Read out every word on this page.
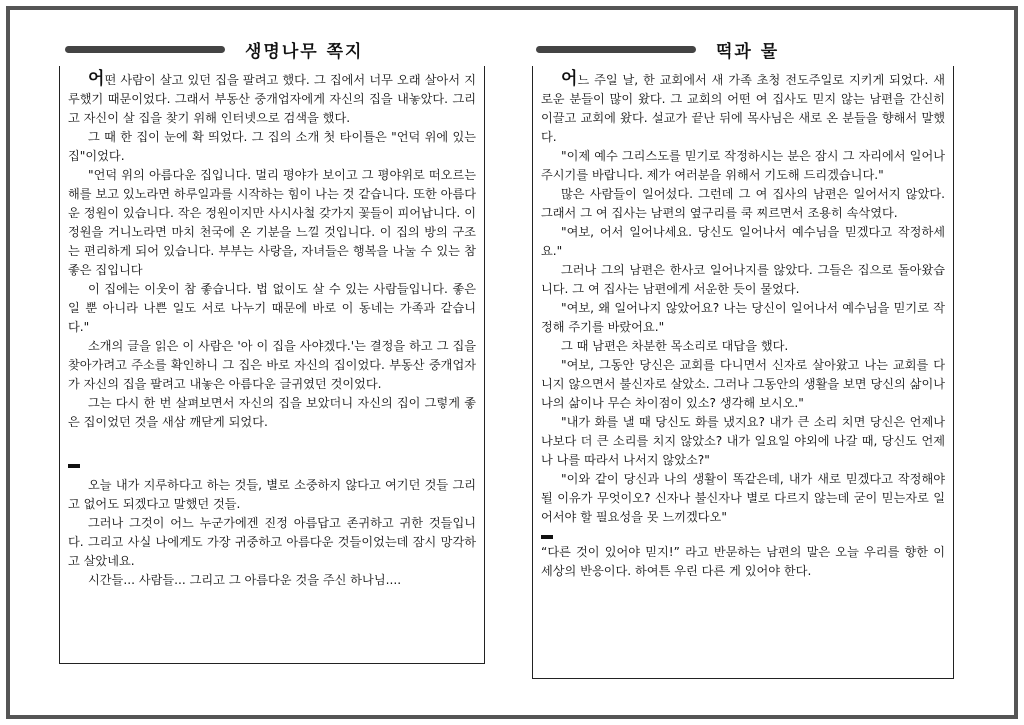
생명나무 쪽지

어떤 사람이 살고 있던 집을 팔려고 했다. 그 집에서 너무 오래 살아서 지루했기 때문이었다. 그래서 부동산 중개업자에게 자신의 집을 내놓았다. 그리고 자신이 살 집을 찾기 위해 인터넷으로 검색을 했다.

그 때 한 집이 눈에 확 띄었다. 그 집의 소개 첫 타이틀은 "언덕 위에 있는 집"이었다.

"언덕 위의 아름다운 집입니다. 멀리 평야가 보이고 그 평야위로 떠오르는 해를 보고 있노라면 하루일과를 시작하는 힘이 나는 것 같습니다. 또한 아름다운 정원이 있습니다. 작은 정원이지만 사시사철 갖가지 꽃들이 피어납니다. 이 정원을 거니노라면 마치 천국에 온 기분을 느낄 것입니다. 이 집의 방의 구조는 편리하게 되어 있습니다. 부부는 사랑을, 자녀들은 행복을 나눌 수 있는 참 좋은 집입니다

이 집에는 이웃이 참 좋습니다. 법 없이도 살 수 있는 사람들입니다. 좋은 일 뿐 아니라 나쁜 일도 서로 나누기 때문에 바로 이 동네는 가족과 같습니다."

소개의 글을 읽은 이 사람은 '아 이 집을 사야겠다.'는 결정을 하고 그 집을 찾아가려고 주소를 확인하니 그 집은 바로 자신의 집이었다. 부동산 중개업자가 자신의 집을 팔려고 내놓은 아름다운 글귀였던 것이었다.

그는 다시 한 번 살펴보면서 자신의 집을 보았더니 자신의 집이 그렇게 좋은 집이었던 것을 새삼 깨닫게 되었다.

오늘 내가 지루하다고 하는 것들, 별로 소중하지 않다고 여기던 것들 그리고 없어도 되겠다고 말했던 것들.

그러나 그것이 어느 누군가에겐 진정 아름답고 존귀하고 귀한 것들입니다. 그리고 사실 나에게도 가장 귀중하고 아름다운 것들이었는데 잠시 망각하고 살았네요.

시간들... 사람들... 그리고 그 아름다운 것을 주신 하나님....

떡과 물

어느 주일 날, 한 교회에서 새 가족 초청 전도주일로 지키게 되었다. 새로운 분들이 많이 왔다. 그 교회의 어떤 여 집사도 믿지 않는 남편을 간신히 이끌고 교회에 왔다. 설교가 끝난 뒤에 목사님은 새로 온 분들을 향해서 말했다.

"이제 예수 그리스도를 믿기로 작정하시는 분은 잠시 그 자리에서 일어나 주시기를 바랍니다. 제가 여러분을 위해서 기도해 드리겠습니다."

많은 사람들이 일어섰다. 그런데 그 여 집사의 남편은 일어서지 않았다. 그래서 그 여 집사는 남편의 옆구리를 쿡 찌르면서 조용히 속삭였다.

"여보, 어서 일어나세요. 당신도 일어나서 예수님을 믿겠다고 작정하세요."

그러나 그의 남편은 한사코 일어나지를 않았다. 그들은 집으로 돌아왔습니다. 그 여 집사는 남편에게 서운한 듯이 물었다.

"여보, 왜 일어나지 않았어요? 나는 당신이 일어나서 예수님을 믿기로 작정해 주기를 바랐어요."

그 때 남편은 차분한 목소리로 대답을 했다.

"여보, 그동안 당신은 교회를 다니면서 신자로 살아왔고 나는 교회를 다니지 않으면서 불신자로 살았소. 그러나 그동안의 생활을 보면 당신의 삶이나 나의 삶이나 무슨 차이점이 있소? 생각해 보시오."

"내가 화를 낼 때 당신도 화를 냈지요? 내가 큰 소리 치면 당신은 언제나 나보다 더 큰 소리를 치지 않았소? 내가 일요일 야외에 나갈 때, 당신도 언제나 나를 따라서 나서지 않았소?"

"이와 같이 당신과 나의 생활이 똑같은데, 내가 새로 믿겠다고 작정해야 될 이유가 무엇이오? 신자나 불신자나 별로 다르지 않는데 굳이 믿는자로 일어서야 할 필요성을 못 느끼겠다오"

“다른 것이 있어야 믿지!” 라고 반문하는 남편의 말은 오늘 우리를 향한 이 세상의 반응이다. 하여튼 우린 다른 게 있어야 한다.
